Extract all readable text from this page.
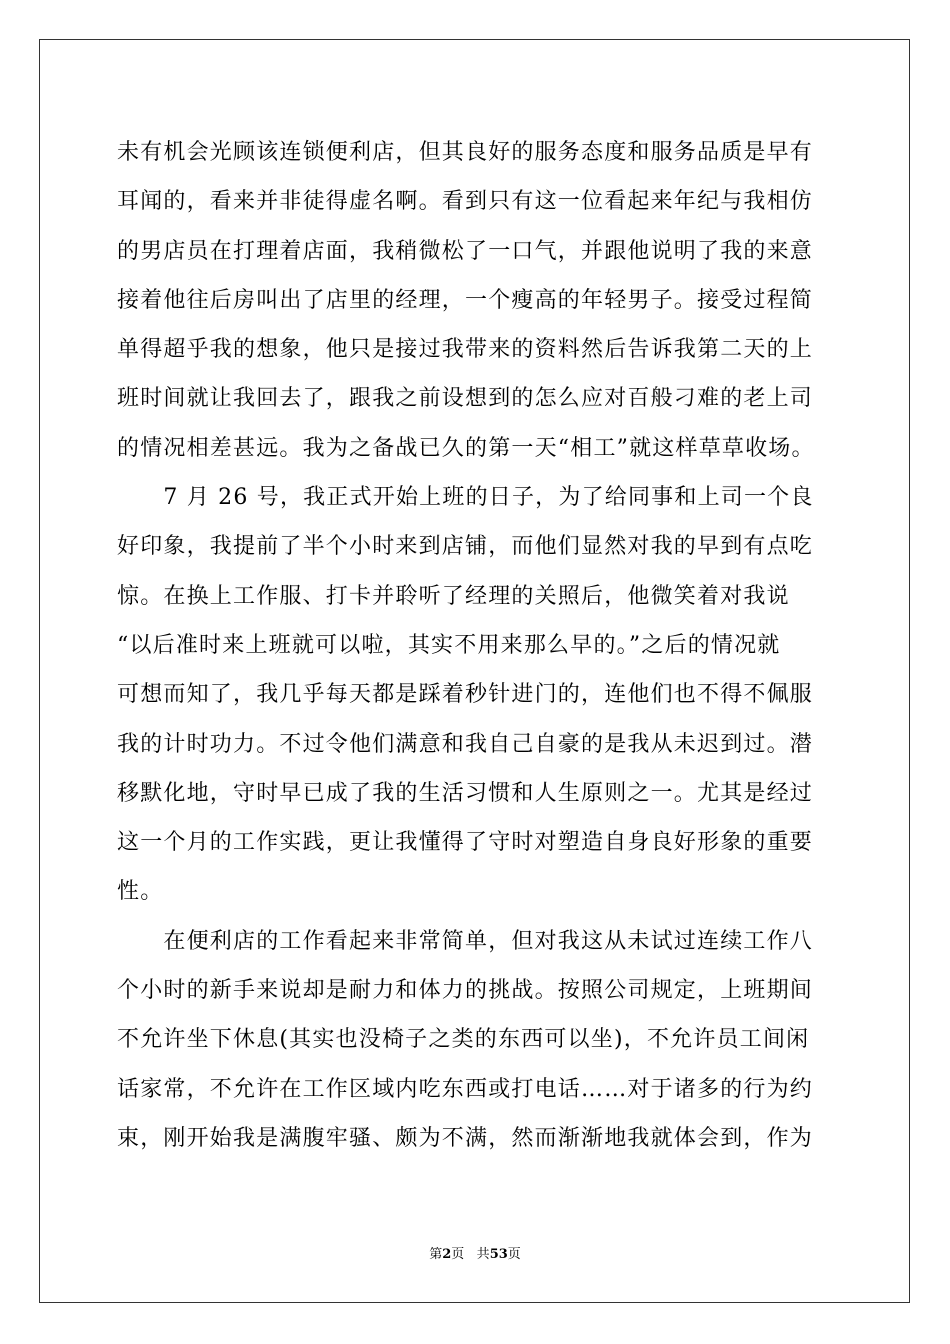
未有机会光顾该连锁便利店，但其良好的服务态度和服务品质是早有
耳闻的，看来并非徒得虚名啊。看到只有这一位看起来年纪与我相仿
的男店员在打理着店面，我稍微松了一口气，并跟他说明了我的来意
接着他往后房叫出了店里的经理，一个瘦高的年轻男子。接受过程简
单得超乎我的想象，他只是接过我带来的资料然后告诉我第二天的上
班时间就让我回去了，跟我之前设想到的怎么应对百般刁难的老上司
的情况相差甚远。我为之备战已久的第一天“相工”就这样草草收场。
　　7 月 26 号，我正式开始上班的日子，为了给同事和上司一个良
好印象，我提前了半个小时来到店铺，而他们显然对我的早到有点吃
惊。在换上工作服、打卡并聆听了经理的关照后，他微笑着对我说
“以后准时来上班就可以啦，其实不用来那么早的。”之后的情况就
可想而知了，我几乎每天都是踩着秒针进门的，连他们也不得不佩服
我的计时功力。不过令他们满意和我自己自豪的是我从未迟到过。潜
移默化地，守时早已成了我的生活习惯和人生原则之一。尤其是经过
这一个月的工作实践，更让我懂得了守时对塑造自身良好形象的重要
性。
　　在便利店的工作看起来非常简单，但对我这从未试过连续工作八
个小时的新手来说却是耐力和体力的挑战。按照公司规定，上班期间
不允许坐下休息(其实也没椅子之类的东西可以坐)，不允许员工间闲
话家常，不允许在工作区域内吃东西或打电话……对于诸多的行为约
束，刚开始我是满腹牢骚、颇为不满，然而渐渐地我就体会到，作为
第2页 共53页
